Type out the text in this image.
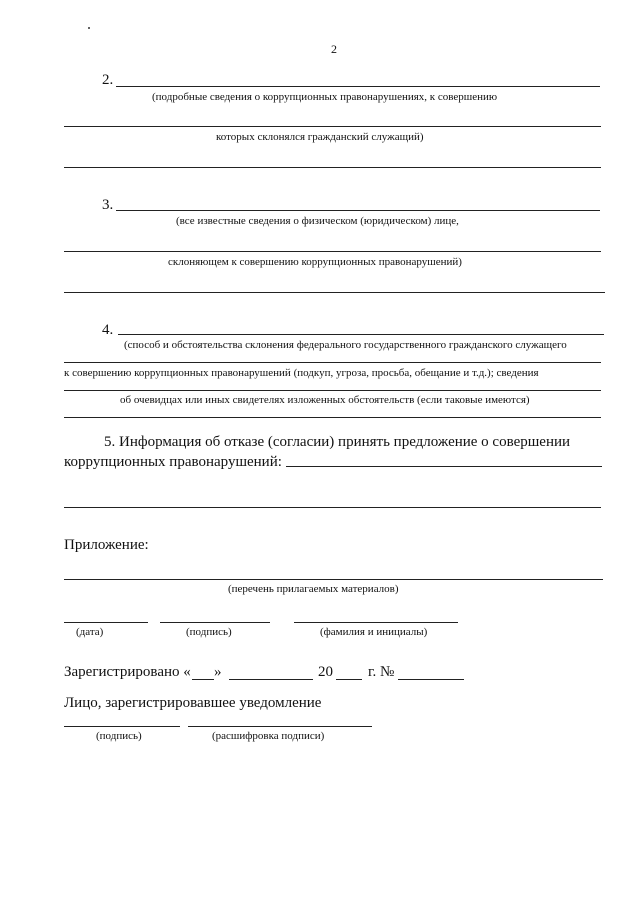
2
2.
(подробные сведения о коррупционных правонарушениях, к совершению
которых склонялся гражданский служащий)
3.
(все известные сведения о физическом (юридическом) лице,
склоняющем к совершению коррупционных правонарушений)
4.
(способ и обстоятельства склонения федерального государственного гражданского служащего
к совершению коррупционных правонарушений (подкуп, угроза, просьба, обещание и т.д.); сведения
об очевидцах или иных свидетелях изложенных обстоятельств (если таковые имеются)
5. Информация об отказе (согласии) принять предложение о совершении
коррупционных правонарушений:
Приложение:
(перечень прилагаемых материалов)
(дата)	(подпись)	(фамилия и инициалы)
Зарегистрировано « »	20 г. №
Лицо, зарегистрировавшее уведомление
(подпись)	(расшифровка подписи)
